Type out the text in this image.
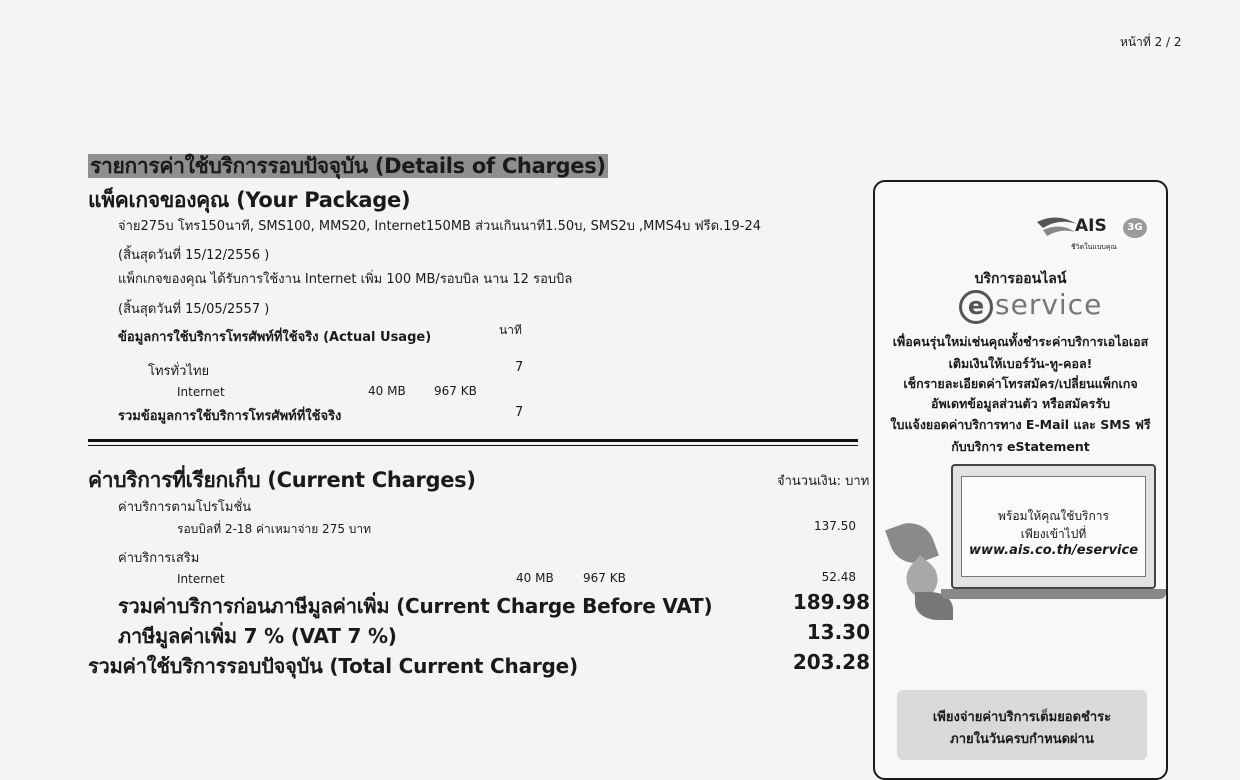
หน้าที่ 2 / 2
รายการค่าใช้บริการรอบปัจจุบัน (Details of Charges)
แพ็คเกจของคุณ (Your Package)
จ่าย275บ โทร150นาที, SMS100, MMS20, Internet150MB ส่วนเกินนาที1.50บ, SMS2บ ,MMS4บ ฟรีด.19-24
(สิ้นสุดวันที่ 15/12/2556 )
แพ็กเกจของคุณ ได้รับการใช้งาน Internet เพิ่ม 100 MB/รอบบิล นาน 12 รอบบิล
(สิ้นสุดวันที่ 15/05/2557 )
ข้อมูลการใช้บริการโทรศัพท์ที่ใช้จริง (Actual Usage)	นาที
โทรทั่วไทย	7
Internet	40 MB 967 KB
รวมข้อมูลการใช้บริการโทรศัพท์ที่ใช้จริง	7
ค่าบริการที่เรียกเก็บ (Current Charges)	จำนวนเงิน: บาท
ค่าบริการตามโปรโมชั่น
รอบบิลที่ 2-18 ค่าเหมาจ่าย 275 บาท	137.50
ค่าบริการเสริม
Internet	40 MB 967 KB	52.48
รวมค่าบริการก่อนภาษีมูลค่าเพิ่ม (Current Charge Before VAT)	189.98
ภาษีมูลค่าเพิ่ม 7 % (VAT 7 %)	13.30
รวมค่าใช้บริการรอบปัจจุบัน (Total Current Charge)	203.28
AIS	3G
ชีวิตในแบบคุณ
บริการออนไลน์
e service
เพื่อคนรุ่นใหม่เช่นคุณทั้งชำระค่าบริการเอไอเอส
เติมเงินให้เบอร์วัน-ทู-คอล!
เช็กรายละเอียดค่าโทรสมัคร/เปลี่ยนแพ็กเกจ
อัพเดทข้อมูลส่วนตัว หรือสมัครรับ
ใบแจ้งยอดค่าบริการทาง E-Mail และ SMS ฟรี
กับบริการ eStatement
พร้อมให้คุณใช้บริการ
เพียงเข้าไปที่
www.ais.co.th/eservice
เพียงจ่ายค่าบริการเต็มยอดชำระ
ภายในวันครบกำหนดผ่าน
